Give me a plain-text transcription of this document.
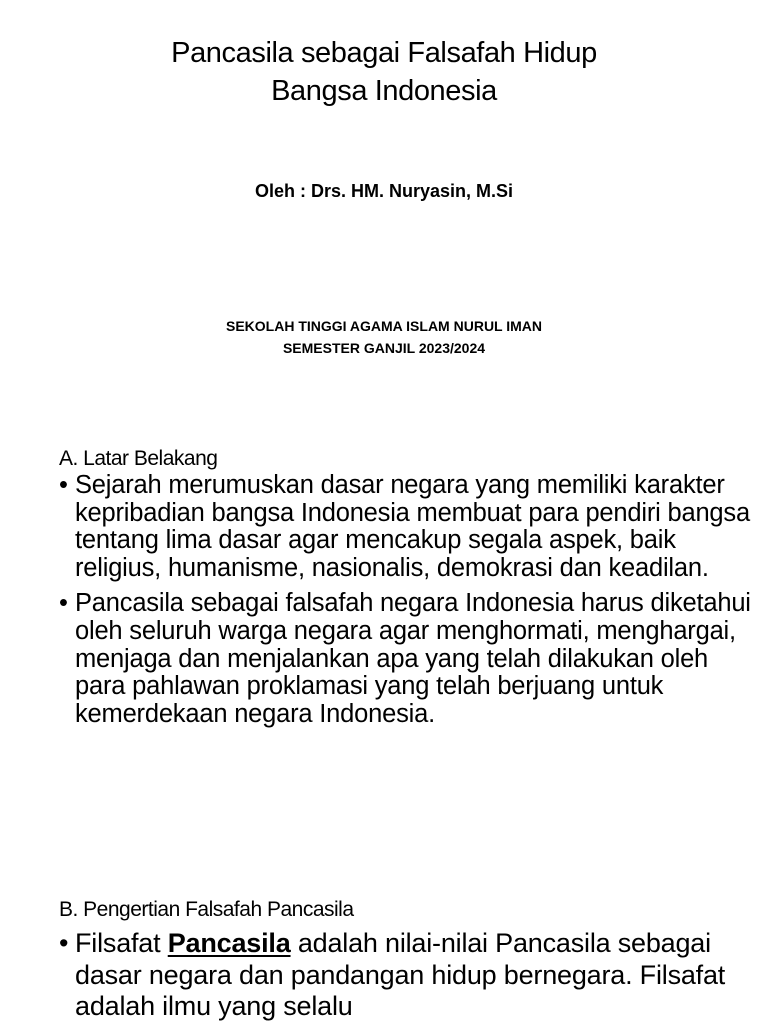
Pancasila sebagai Falsafah Hidup
Bangsa Indonesia
Oleh : Drs. HM. Nuryasin, M.Si
SEKOLAH TINGGI AGAMA ISLAM NURUL IMAN
SEMESTER GANJIL 2023/2024
A. Latar Belakang
• Sejarah merumuskan dasar negara yang memiliki karakter kepribadian bangsa Indonesia membuat para pendiri bangsa tentang lima dasar agar mencakup segala aspek, baik religius, humanisme, nasionalis, demokrasi dan keadilan.
• Pancasila sebagai falsafah negara Indonesia harus diketahui oleh seluruh warga negara agar menghormati, menghargai, menjaga dan menjalankan apa yang telah dilakukan oleh para pahlawan proklamasi yang telah berjuang untuk kemerdekaan negara Indonesia.
B. Pengertian Falsafah Pancasila
• Filsafat Pancasila adalah nilai-nilai Pancasila sebagai dasar negara dan pandangan hidup bernegara. Filsafat adalah ilmu yang selalu
